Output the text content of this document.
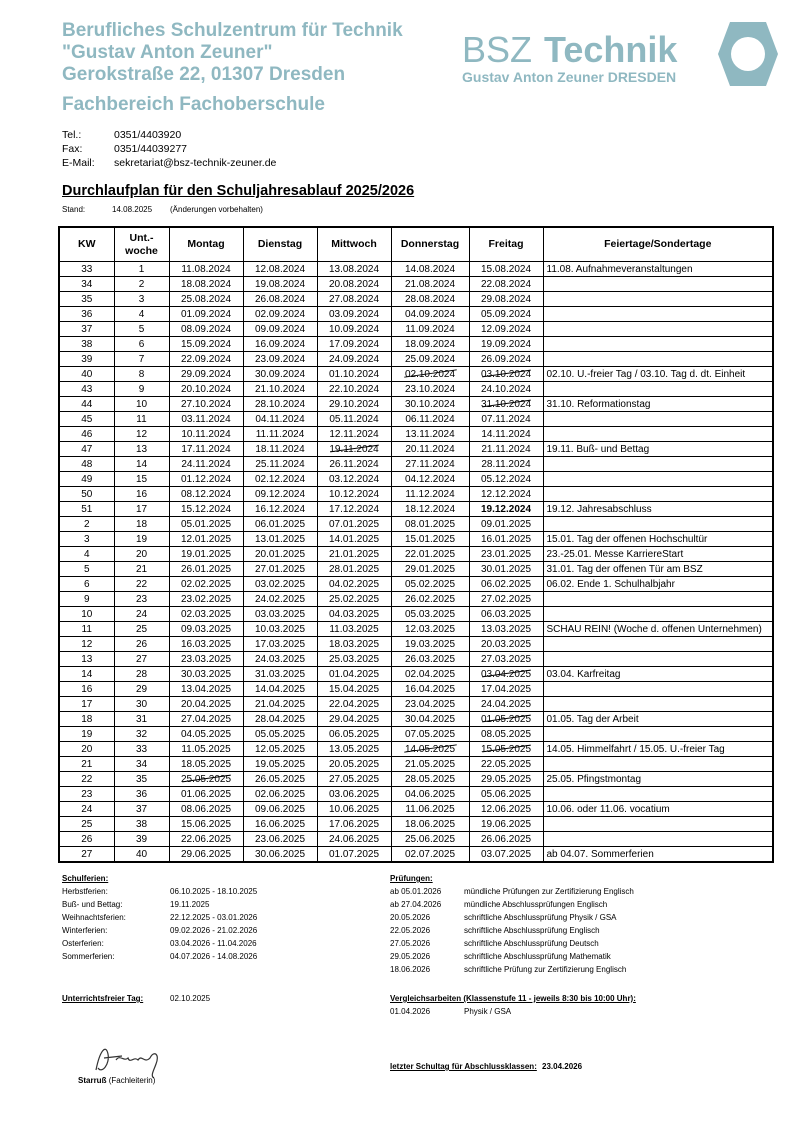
Berufliches Schulzentrum für Technik
"Gustav Anton Zeuner"
Gerokstraße 22, 01307 Dresden
Fachbereich Fachoberschule
BSZ Technik
Gustav Anton Zeuner DRESDEN
Tel.:	0351/4403920
Fax:	0351/44039277
E-Mail: sekretariat@bsz-technik-zeuner.de
Durchlaufplan für den Schuljahresablauf 2025/2026
Stand:	14.08.2025 (Änderungen vorbehalten)
KW	Unt.-
woche	Montag	Dienstag	Mittwoch	Donnerstag	Freitag	Feiertage/Sondertage
33	1	11.08.2024	12.08.2024	13.08.2024	14.08.2024	15.08.2024	11.08. Aufnahmeveranstaltungen
34	2	18.08.2024	19.08.2024	20.08.2024	21.08.2024	22.08.2024	
35	3	25.08.2024	26.08.2024	27.08.2024	28.08.2024	29.08.2024	
36	4	01.09.2024	02.09.2024	03.09.2024	04.09.2024	05.09.2024	
37	5	08.09.2024	09.09.2024	10.09.2024	11.09.2024	12.09.2024	
38	6	15.09.2024	16.09.2024	17.09.2024	18.09.2024	19.09.2024	
39	7	22.09.2024	23.09.2024	24.09.2024	25.09.2024	26.09.2024	
40	8	29.09.2024	30.09.2024	01.10.2024	02.10.2024	03.10.2024	02.10. U.-freier Tag / 03.10. Tag d. dt. Einheit
43	9	20.10.2024	21.10.2024	22.10.2024	23.10.2024	24.10.2024	
44	10	27.10.2024	28.10.2024	29.10.2024	30.10.2024	31.10.2024	31.10. Reformationstag
45	11	03.11.2024	04.11.2024	05.11.2024	06.11.2024	07.11.2024	
46	12	10.11.2024	11.11.2024	12.11.2024	13.11.2024	14.11.2024	
47	13	17.11.2024	18.11.2024	19.11.2024	20.11.2024	21.11.2024	19.11. Buß- und Bettag
48	14	24.11.2024	25.11.2024	26.11.2024	27.11.2024	28.11.2024	
49	15	01.12.2024	02.12.2024	03.12.2024	04.12.2024	05.12.2024	
50	16	08.12.2024	09.12.2024	10.12.2024	11.12.2024	12.12.2024	
51	17	15.12.2024	16.12.2024	17.12.2024	18.12.2024	19.12.2024	19.12. Jahresabschluss
2	18	05.01.2025	06.01.2025	07.01.2025	08.01.2025	09.01.2025	
3	19	12.01.2025	13.01.2025	14.01.2025	15.01.2025	16.01.2025	15.01. Tag der offenen Hochschultür
4	20	19.01.2025	20.01.2025	21.01.2025	22.01.2025	23.01.2025	23.-25.01. Messe KarriereStart
5	21	26.01.2025	27.01.2025	28.01.2025	29.01.2025	30.01.2025	31.01. Tag der offenen Tür am BSZ
6	22	02.02.2025	03.02.2025	04.02.2025	05.02.2025	06.02.2025	06.02. Ende 1. Schulhalbjahr
9	23	23.02.2025	24.02.2025	25.02.2025	26.02.2025	27.02.2025	
10	24	02.03.2025	03.03.2025	04.03.2025	05.03.2025	06.03.2025	
11	25	09.03.2025	10.03.2025	11.03.2025	12.03.2025	13.03.2025	SCHAU REIN! (Woche d. offenen Unternehmen)
12	26	16.03.2025	17.03.2025	18.03.2025	19.03.2025	20.03.2025	
13	27	23.03.2025	24.03.2025	25.03.2025	26.03.2025	27.03.2025	
14	28	30.03.2025	31.03.2025	01.04.2025	02.04.2025	03.04.2025	03.04. Karfreitag
16	29	13.04.2025	14.04.2025	15.04.2025	16.04.2025	17.04.2025	
17	30	20.04.2025	21.04.2025	22.04.2025	23.04.2025	24.04.2025	
18	31	27.04.2025	28.04.2025	29.04.2025	30.04.2025	01.05.2025	01.05. Tag der Arbeit
19	32	04.05.2025	05.05.2025	06.05.2025	07.05.2025	08.05.2025	
20	33	11.05.2025	12.05.2025	13.05.2025	14.05.2025	15.05.2025	14.05. Himmelfahrt / 15.05. U.-freier Tag
21	34	18.05.2025	19.05.2025	20.05.2025	21.05.2025	22.05.2025	
22	35	25.05.2025	26.05.2025	27.05.2025	28.05.2025	29.05.2025	25.05. Pfingstmontag
23	36	01.06.2025	02.06.2025	03.06.2025	04.06.2025	05.06.2025	
24	37	08.06.2025	09.06.2025	10.06.2025	11.06.2025	12.06.2025	10.06. oder 11.06. vocatium
25	38	15.06.2025	16.06.2025	17.06.2025	18.06.2025	19.06.2025	
26	39	22.06.2025	23.06.2025	24.06.2025	25.06.2025	26.06.2025	
27	40	29.06.2025	30.06.2025	01.07.2025	02.07.2025	03.07.2025	ab 04.07. Sommerferien
Schulferien:
Herbstferien:	06.10.2025 - 18.10.2025
Buß- und Bettag:	19.11.2025
Weihnachtsferien:	22.12.2025 - 03.01.2026
Winterferien:	09.02.2026 - 21.02.2026
Osterferien:	03.04.2026 - 11.04.2026
Sommerferien:	04.07.2026 - 14.08.2026
Prüfungen:
ab 05.01.2026	mündliche Prüfungen zur Zertifizierung Englisch
ab 27.04.2026	mündliche Abschlussprüfungen Englisch
20.05.2026	schriftliche Abschlussprüfung Physik / GSA
22.05.2026	schriftliche Abschlussprüfung Englisch
27.05.2026	schriftliche Abschlussprüfung Deutsch
29.05.2026	schriftliche Abschlussprüfung Mathematik
18.06.2026	schriftliche Prüfung zur Zertifizierung Englisch
Unterrichtsfreier Tag:	02.10.2025	Vergleichsarbeiten (Klassenstufe 11 - jeweils 8:30 bis 10:00 Uhr):
01.04.2026	Physik / GSA
letzter Schultag für Abschlussklassen: 23.04.2026
Starruß (Fachleiterin)
